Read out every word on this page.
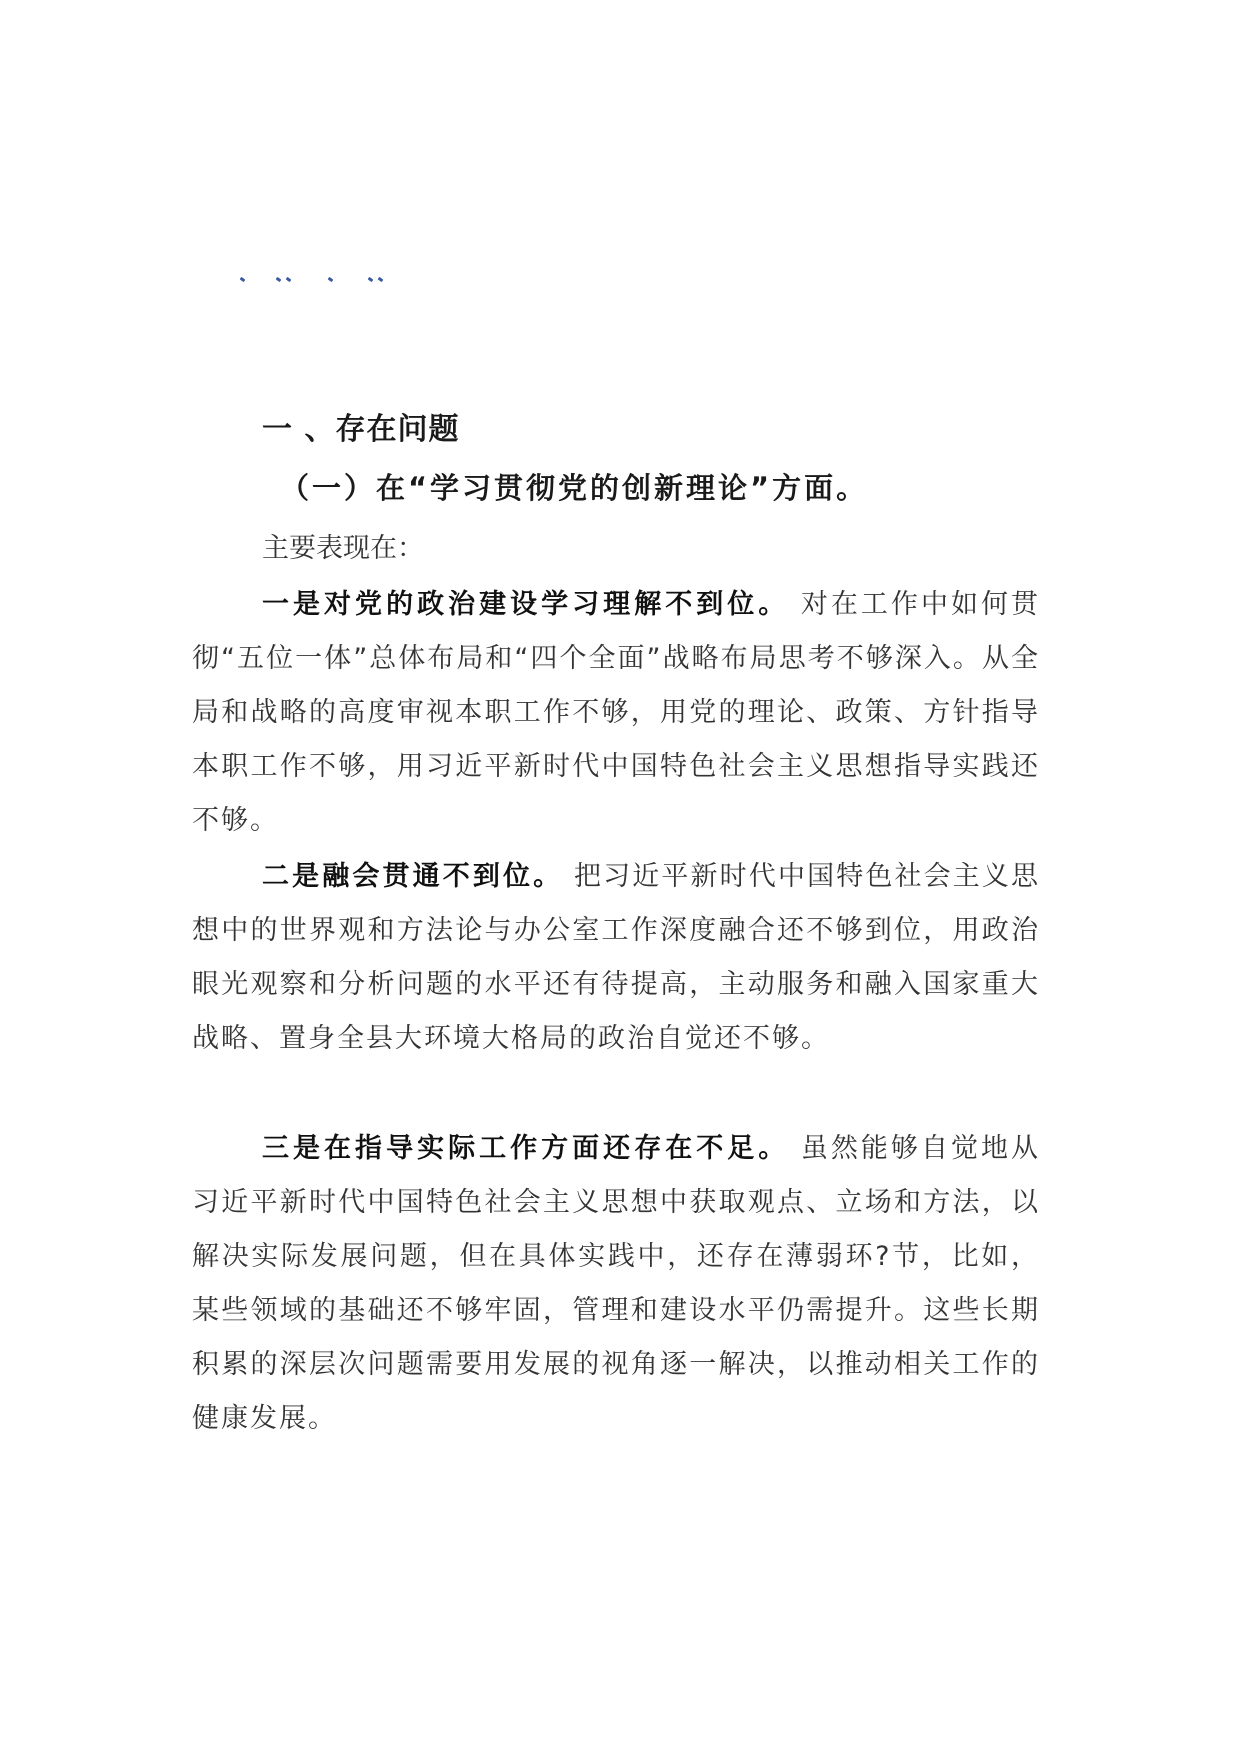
一 、存在问题
（一）在“学习贯彻党的创新理论”方面。
主要表现在：

一是对党的政治建设学习理解不到位。 对在工作中如何贯彻“五位一体”总体布局和“四个全面”战略布局思考不够深入。从全局和战略的高度审视本职工作不够，用党的理论、政策、方针指导本职工作不够，用习近平新时代中国特色社会主义思想指导实践还不够。

二是融会贯通不到位。 把习近平新时代中国特色社会主义思想中的世界观和方法论与办公室工作深度融合还不够到位，用政治眼光观察和分析问题的水平还有待提高，主动服务和融入国家重大战略、置身全县大环境大格局的政治自觉还不够。

三是在指导实际工作方面还存在不足。 虽然能够自觉地从习近平新时代中国特色社会主义思想中获取观点、立场和方法，以解决实际发展问题，但在具体实践中，还存在薄弱环?节，比如，某些领域的基础还不够牢固，管理和建设水平仍需提升。这些长期积累的深层次问题需要用发展的视角逐一解决，以推动相关工作的健康发展。
